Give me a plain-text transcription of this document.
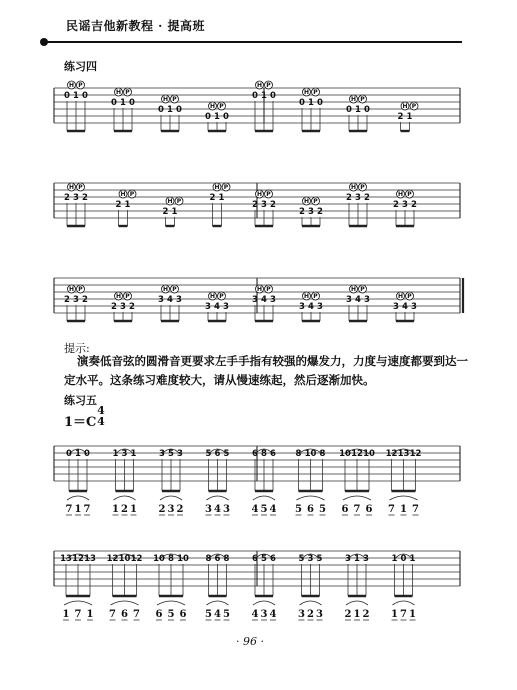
民谣吉他新教程 · 提高班
练习四
提示:
演奏低音弦的圆滑音更要求左手手指有较强的爆发力，力度与速度都要到达一定水平。这条练习难度较大，请从慢速练起，然后逐渐加快。
练习五
1＝C
4
4
H P
0 1 0	H P
0 1 0	H P
0 1 0	H P
0 1 0
H P
0 1 0	H P
0 1 0	H P
0 1 0	H P
2 1
H P
2 3 2	H P
2 1	H P
2 1
H P
2 1	H P
2 3 2	H P
2 3 2
H P
2 3 2	H P
2 3 2
H P
2 3 2	H P
2 3 2
H P
3 4 3	H P
3 4 3
H P
3 4 3	H P
3 4 3
H P
3 4 3	H P
3 4 3
0 1 0
7 1 7
1 3 1
1 2 1
3 5 3
2 3 2
5 6 5
3 4 3
6 8 6
4 5 4
8 10 8
5 6 5
10 12 10
6 7 6
12 13 12
7 1 7
13 12 13
1 7 1
12 10 12
7 6 7
10 8 10
6 5 6
8 6 8
5 4 5
6 5 6
4 3 4
5 3 5
3 2 3
3 1 3
2 1 2
1 0 1
1 7 1
· 96 ·
